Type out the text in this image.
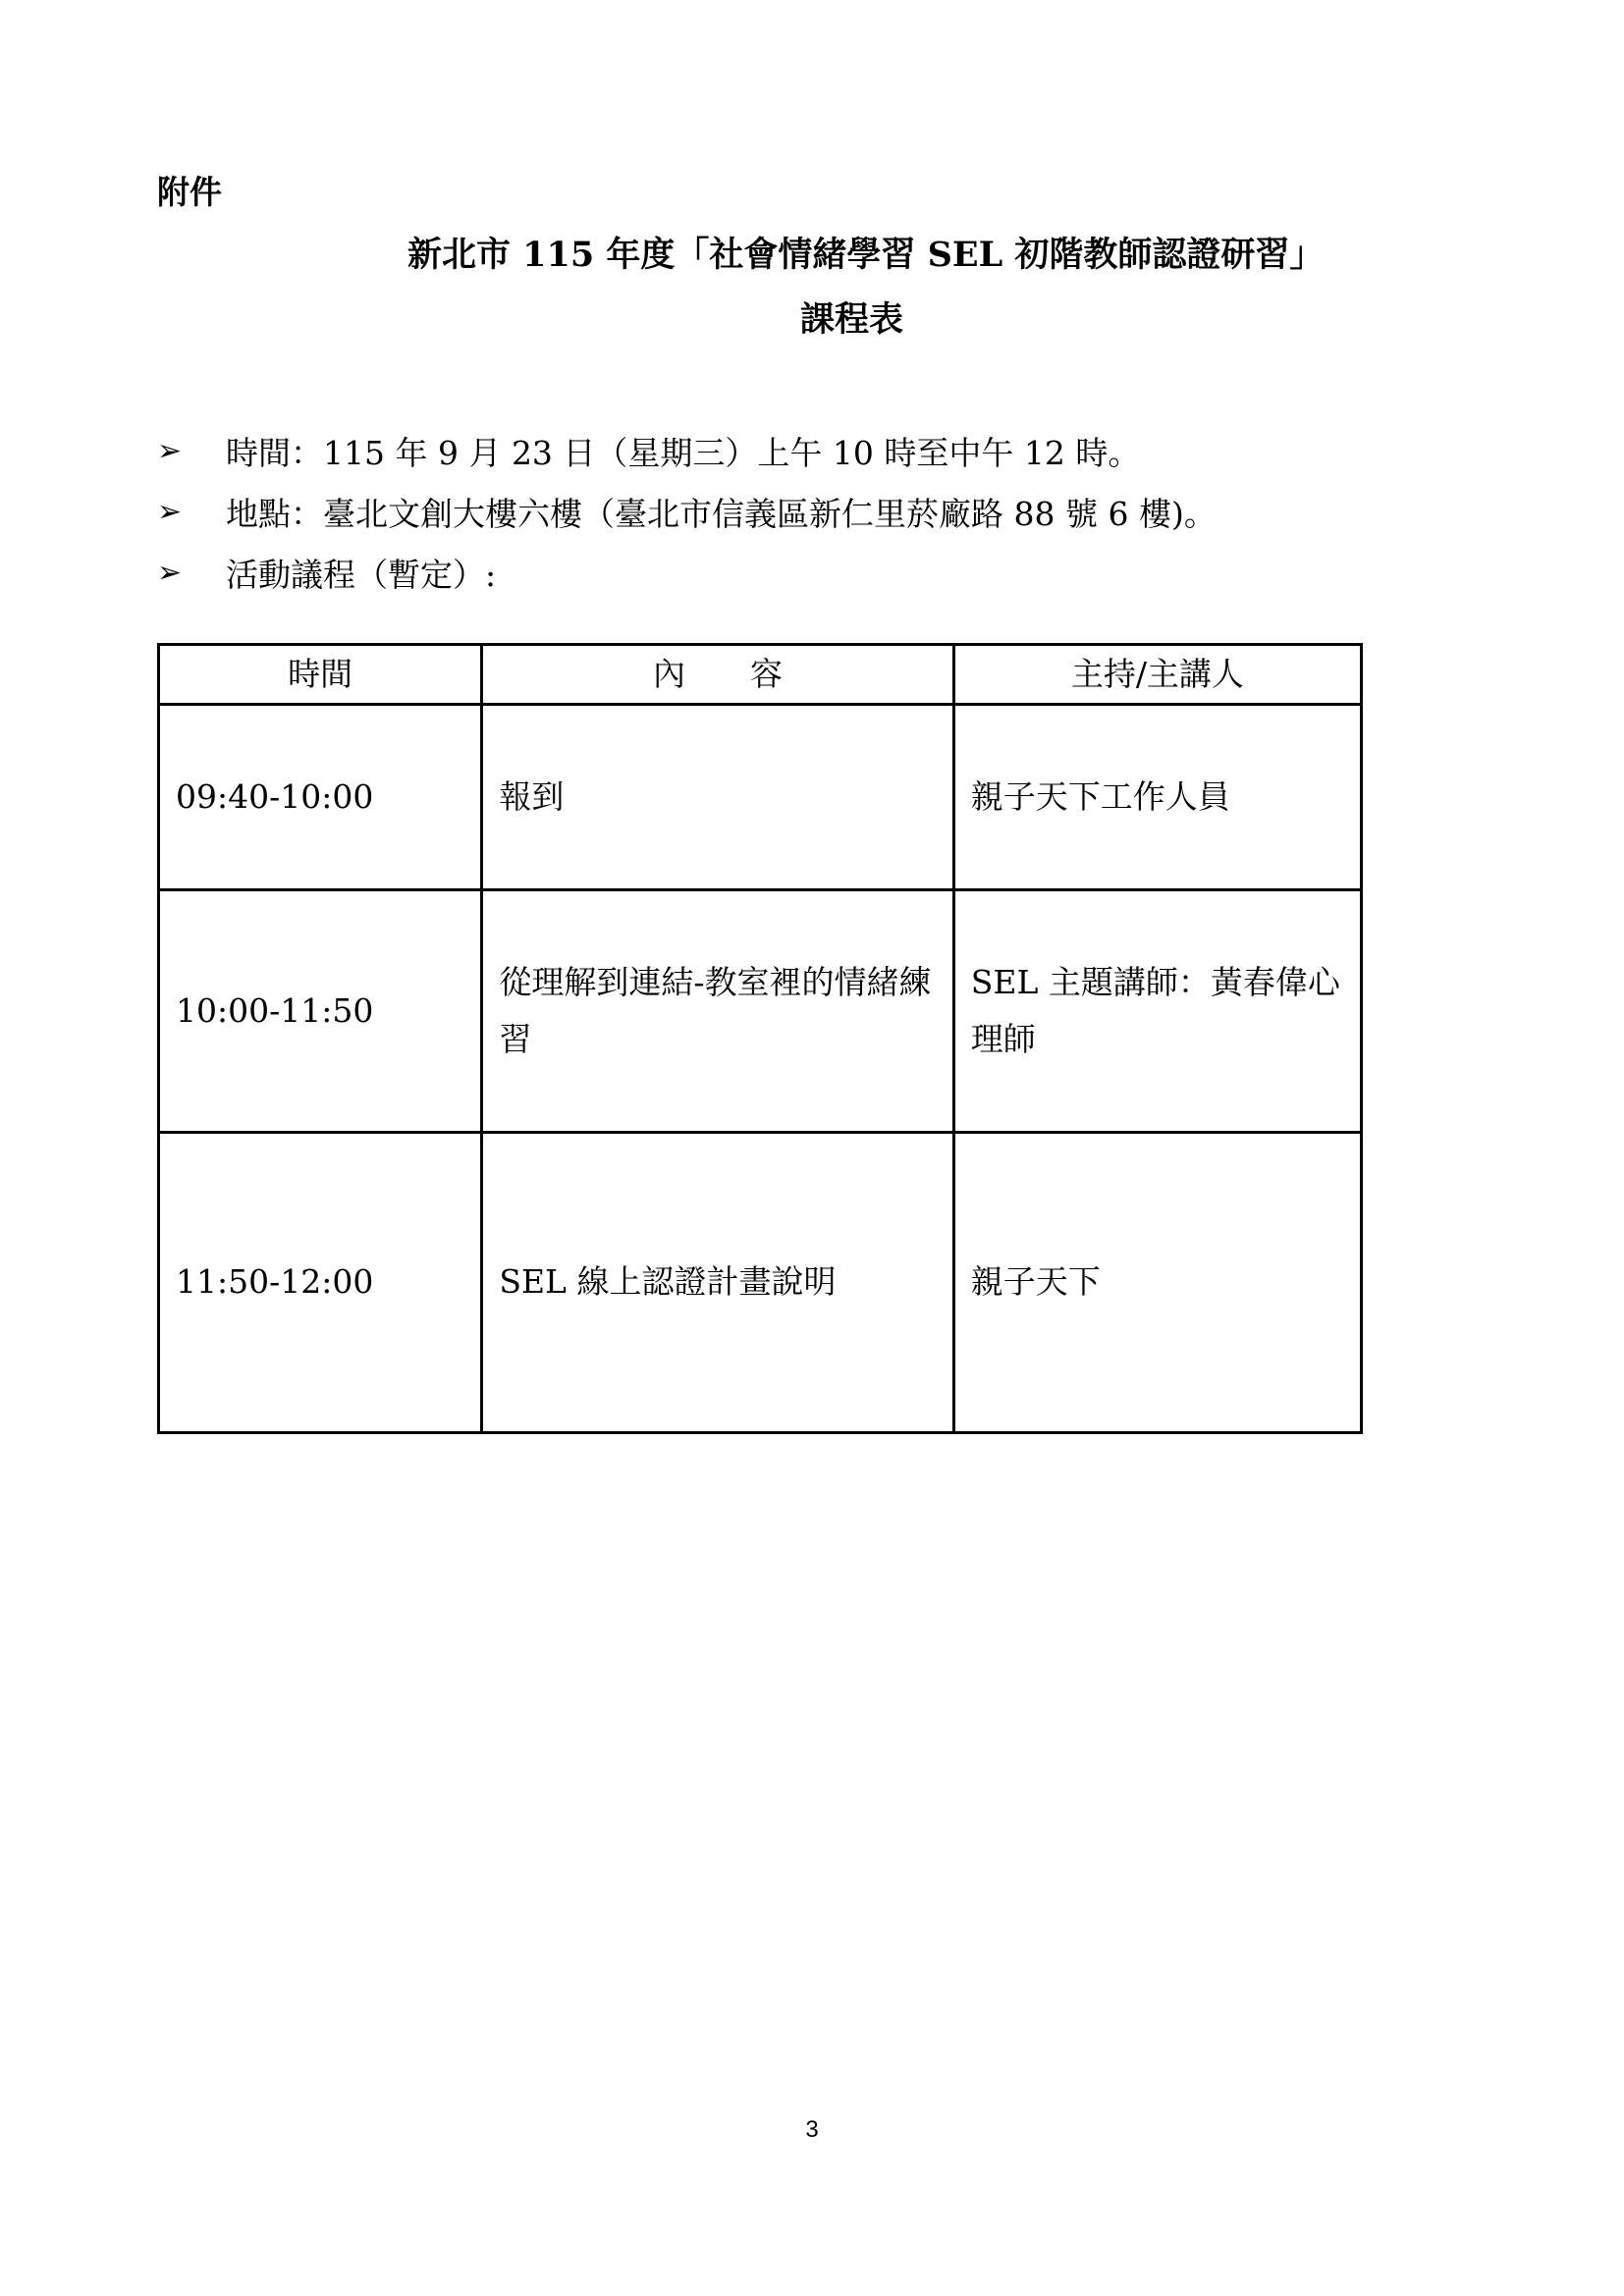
附件
新北市 115 年度「社會情緒學習 SEL 初階教師認證研習」
課程表
➢	時間：115 年 9 月 23 日（星期三）上午 10 時至中午 12 時。
➢	地點：臺北文創大樓六樓（臺北市信義區新仁里菸廠路 88 號 6 樓)。
➢	活動議程（暫定）:
時間	內　　容	主持/主講人
09:40-10:00	報到	親子天下工作人員
10:00-11:50	從理解到連結-教室裡的情緒練習	SEL 主題講師：黃春偉心理師
11:50-12:00	SEL 線上認證計畫說明	親子天下
3
